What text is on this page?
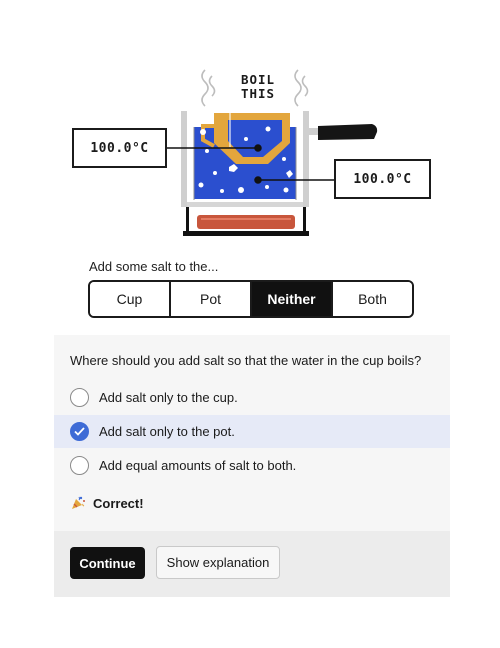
BOIL
THIS
100.0°C
100.0°C
Add some salt to the...
Cup	Pot	Neither	Both
Where should you add salt so that the water in the cup boils?
Add salt only to the cup.
Add salt only to the pot.
Add equal amounts of salt to both.
Correct!
Continue	Show explanation
